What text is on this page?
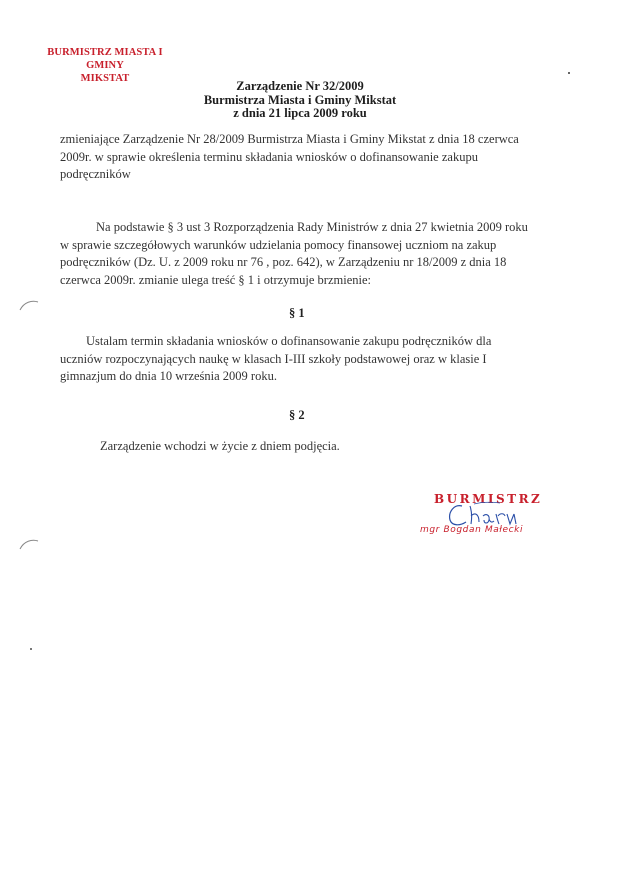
BURMISTRZ MIASTA I GMINY
MIKSTAT
Zarządzenie Nr 32/2009
Burmistrza Miasta i Gminy Mikstat
z dnia 21 lipca 2009 roku
zmieniające Zarządzenie Nr 28/2009 Burmistrza Miasta i Gminy Mikstat z dnia 18 czerwca
2009r. w sprawie określenia terminu składania wniosków o dofinansowanie zakupu
podręczników
Na podstawie § 3 ust 3 Rozporządzenia Rady Ministrów z dnia 27 kwietnia 2009 roku
w sprawie szczegółowych warunków udzielania pomocy finansowej uczniom na zakup
podręczników (Dz. U. z 2009 roku nr 76 , poz. 642), w Zarządzeniu nr 18/2009 z dnia 18
czerwca 2009r. zmianie ulega treść § 1 i otrzymuje brzmienie:
§ 1
Ustalam termin składania wniosków o dofinansowanie zakupu podręczników dla
uczniów rozpoczynających naukę w klasach I-III szkoły podstawowej oraz w klasie I
gimnazjum do dnia 10 września 2009 roku.
§ 2
Zarządzenie wchodzi w życie z dniem podjęcia.
BURMISTRZ
mgr Bogdan Małecki
